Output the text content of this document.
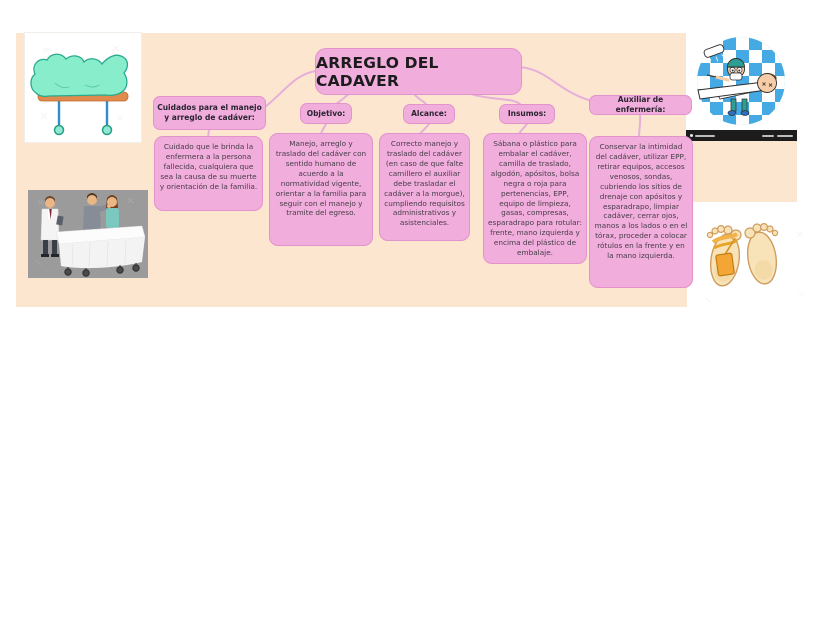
ARREGLO DEL CADAVER
Cuidados para el manejo y arreglo de cadáver:	Objetivo:	Alcance:	Insumos:
Auxiliar de enfermería:
Cuidado que le brinda la enfermera a la persona fallecida, cualquiera que sea la causa de su muerte y orientación de la familia.
Manejo, arreglo y traslado del cadáver con sentido humano de acuerdo a la normatividad vigente, orientar a la familia para seguir con el manejo y tramite del egreso.
Correcto manejo y traslado del cadáver (en caso de que falte camillero el auxiliar debe trasladar el cadáver a la morgue), cumpliendo requisitos administrativos y asistenciales.
Sábana o plástico para embalar el cadáver, camilla de traslado, algodón, apósitos, bolsa negra o roja para pertenencias, EPP, equipo de limpieza, gasas, compresas, esparadrapo para rotular: frente, mano izquierda y encima del plástico de embalaje.
Conservar la intimidad del cadáver, utilizar EPP, retirar equipos, accesos venosos, sondas, cubriendo los sitios de drenaje con apósitos y esparadrapo, limpiar cadáver, cerrar ojos, manos a los lados o en el tórax, proceder a colocar rótulos en la frente y en la mano izquierda.
